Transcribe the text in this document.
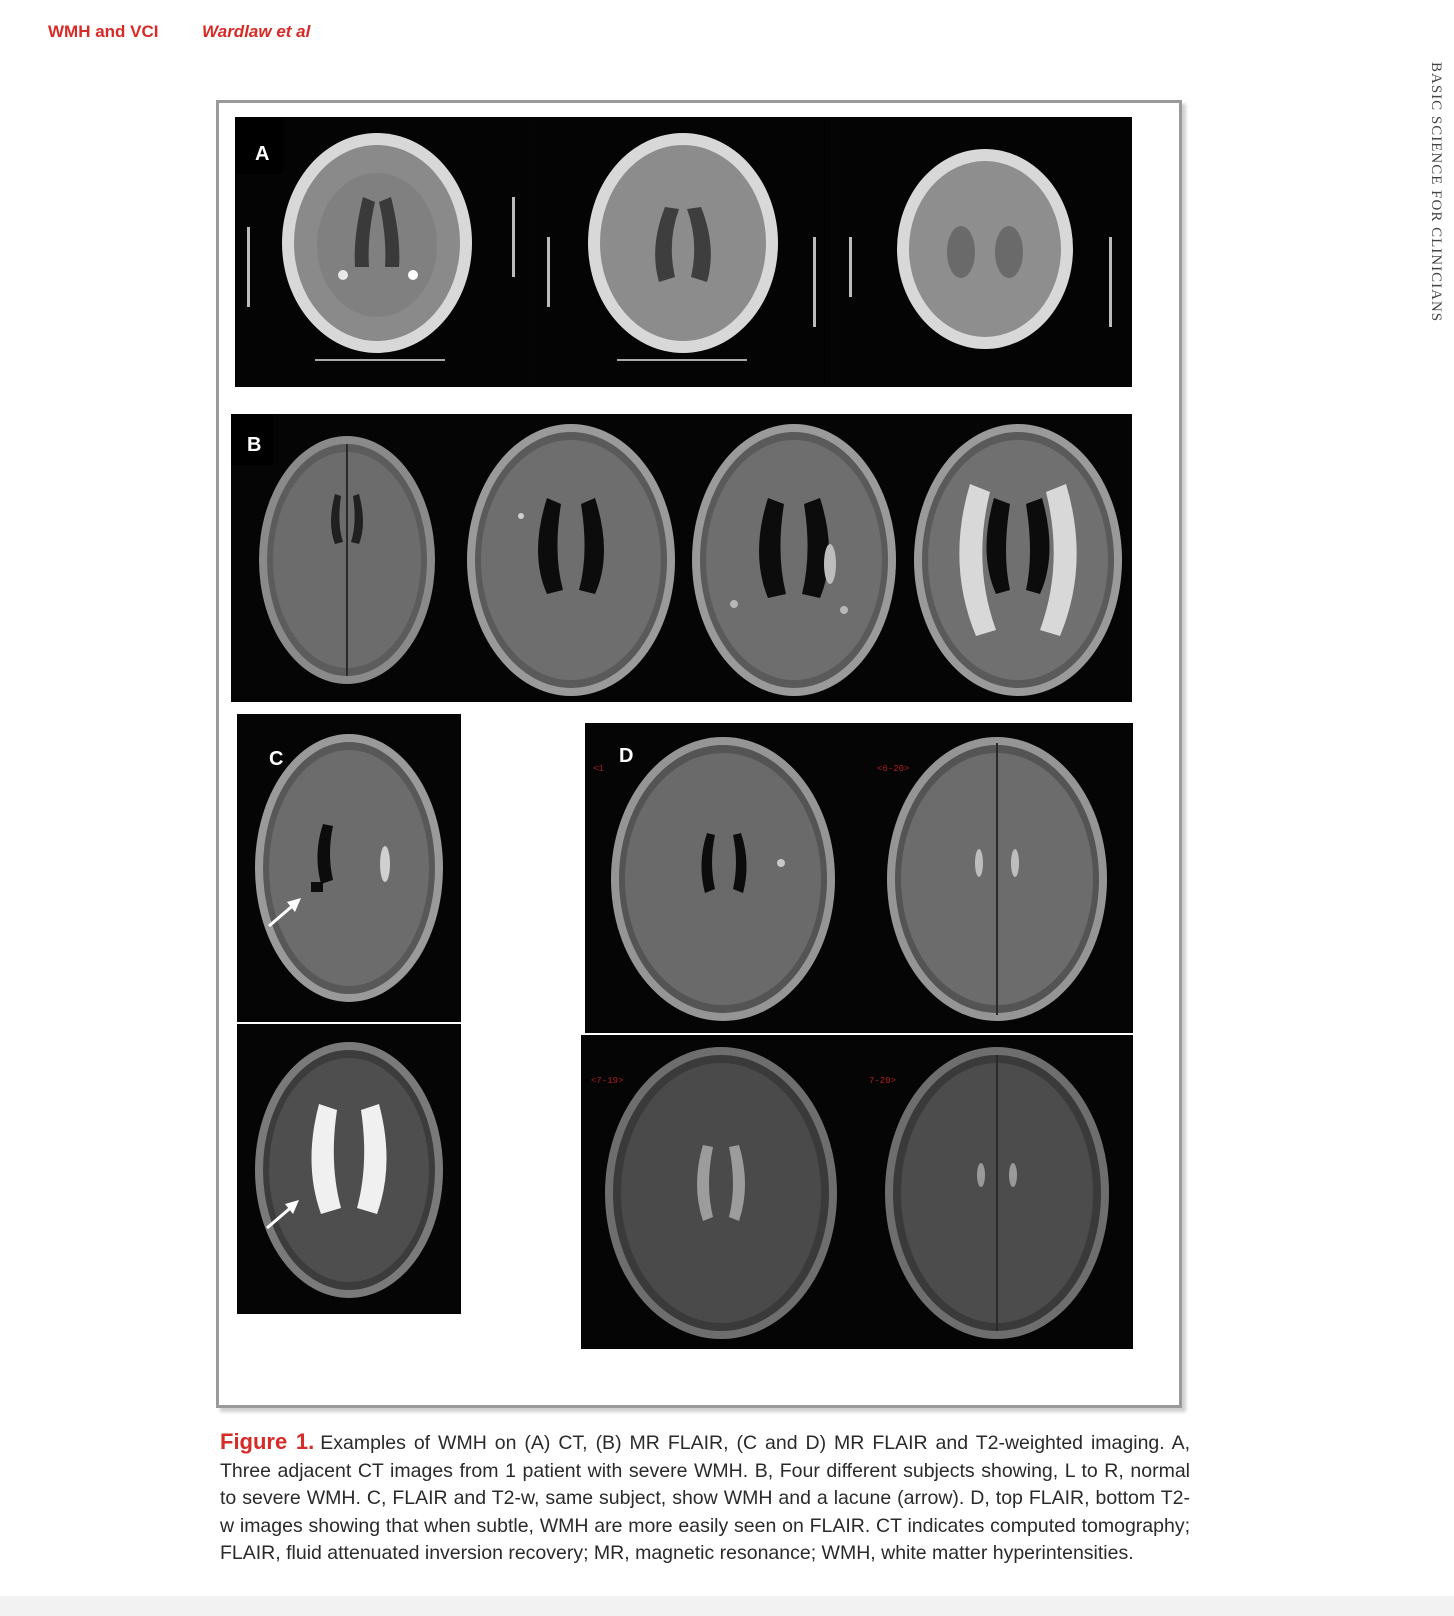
WMH and VCI	Wardlaw et al
BASIC SCIENCE FOR CLINICIANS
A
B
C	<1	<6-20>
<7-19>	7-20>
D
Figure 1. Examples of WMH on (A) CT, (B) MR FLAIR, (C and D) MR FLAIR and T2-weighted imaging. A, Three adjacent CT images from 1 patient with severe WMH. B, Four different subjects showing, L to R, normal to severe WMH. C, FLAIR and T2-w, same subject, show WMH and a lacune (arrow). D, top FLAIR, bottom T2-w images showing that when subtle, WMH are more easily seen on FLAIR. CT indicates computed tomography; FLAIR, fluid attenuated inversion recovery; MR, magnetic resonance; WMH, white matter hyperintensities.
